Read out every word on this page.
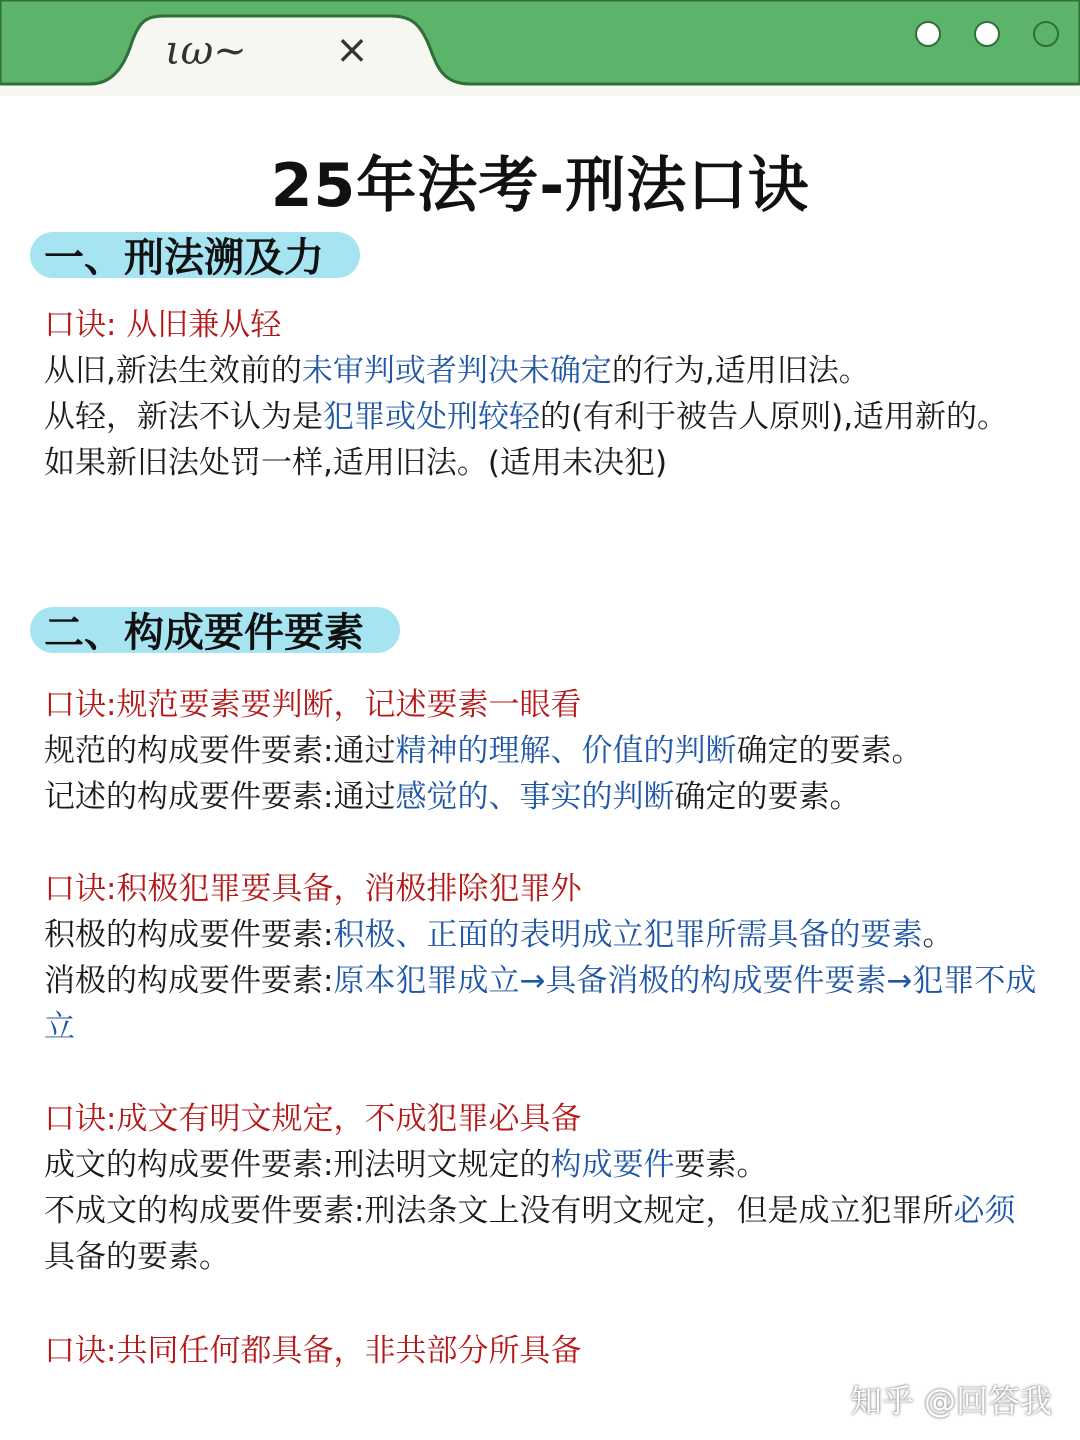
ιω~	×
25年法考-刑法口诀
一、刑法溯及力

口诀: 从旧兼从轻

从旧,新法生效前的未审判或者判决未确定的行为,适用旧法。

从轻，新法不认为是犯罪或处刑较轻的(有利于被告人原则),适用新的。

如果新旧法处罚一样,适用旧法。(适用未决犯)

二、构成要件要素

口诀:规范要素要判断，记述要素一眼看

规范的构成要件要素:通过精神的理解、价值的判断确定的要素。

记述的构成要件要素:通过感觉的、事实的判断确定的要素。

口诀:积极犯罪要具备，消极排除犯罪外

积极的构成要件要素:积极、正面的表明成立犯罪所需具备的要素。

消极的构成要件要素:原本犯罪成立→具备消极的构成要件要素→犯罪不成立

口诀:成文有明文规定，不成犯罪必具备

成文的构成要件要素:刑法明文规定的构成要件要素。

不成文的构成要件要素:刑法条文上没有明文规定，但是成立犯罪所必须具备的要素。

口诀:共同任何都具备，非共部分所具备

知乎 @回答我
